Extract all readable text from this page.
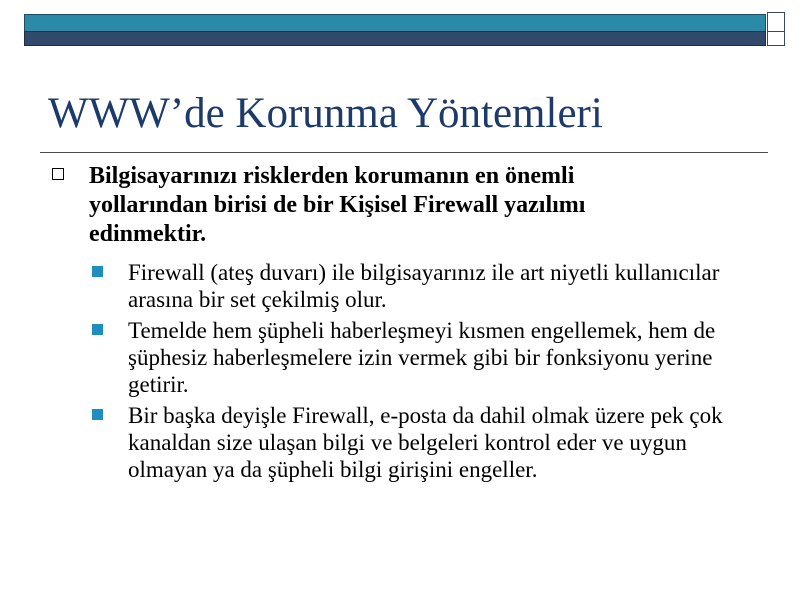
WWW’de Korunma Yöntemleri
Bilgisayarınızı risklerden korumanın en önemli yollarından birisi de bir Kişisel Firewall yazılımı edinmektir.
Firewall (ateş duvarı) ile bilgisayarınız ile art niyetli kullanıcılar arasına bir set çekilmiş olur.
Temelde hem şüpheli haberleşmeyi kısmen engellemek, hem de şüphesiz haberleşmelere izin vermek gibi bir fonksiyonu yerine getirir.
Bir başka deyişle Firewall, e-posta da dahil olmak üzere pek çok kanaldan size ulaşan bilgi ve belgeleri kontrol eder ve uygun olmayan ya da şüpheli bilgi girişini engeller.
